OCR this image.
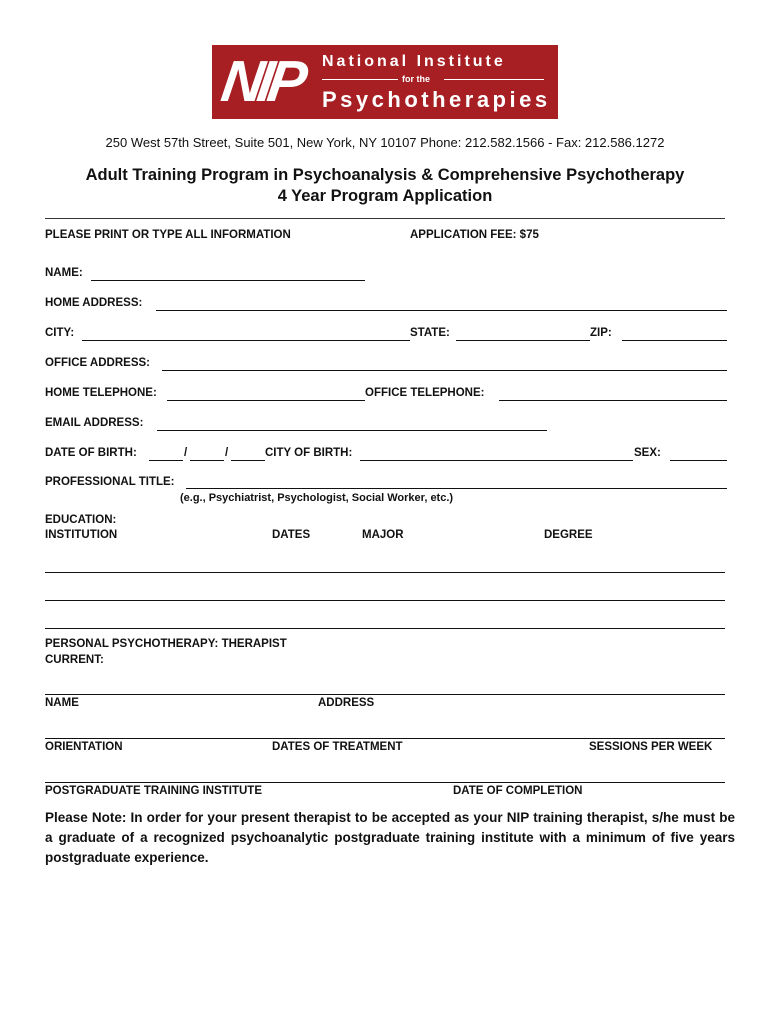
NIP National Institute
for the
Psychotherapies
250 West 57th Street, Suite 501, New York, NY 10107 Phone: 212.582.1566 - Fax: 212.586.1272
Adult Training Program in Psychoanalysis & Comprehensive Psychotherapy
4 Year Program Application
PLEASE PRINT OR TYPE ALL INFORMATION	APPLICATION FEE: $75
NAME:
HOME ADDRESS:
CITY:	STATE:	ZIP:
OFFICE ADDRESS:
HOME TELEPHONE:	OFFICE TELEPHONE:
EMAIL ADDRESS:
DATE OF BIRTH:	/	/	CITY OF BIRTH:	SEX:
PROFESSIONAL TITLE:
(e.g., Psychiatrist, Psychologist, Social Worker, etc.)
EDUCATION:
INSTITUTION	DATES	MAJOR	DEGREE
PERSONAL PSYCHOTHERAPY: THERAPIST
CURRENT:
NAME	ADDRESS
ORIENTATION	DATES OF TREATMENT	SESSIONS PER WEEK
POSTGRADUATE TRAINING INSTITUTE	DATE OF COMPLETION
Please Note: In order for your present therapist to be accepted as your NIP training therapist, s/he must be a graduate of a recognized psychoanalytic postgraduate training institute with a minimum of five years postgraduate experience.
